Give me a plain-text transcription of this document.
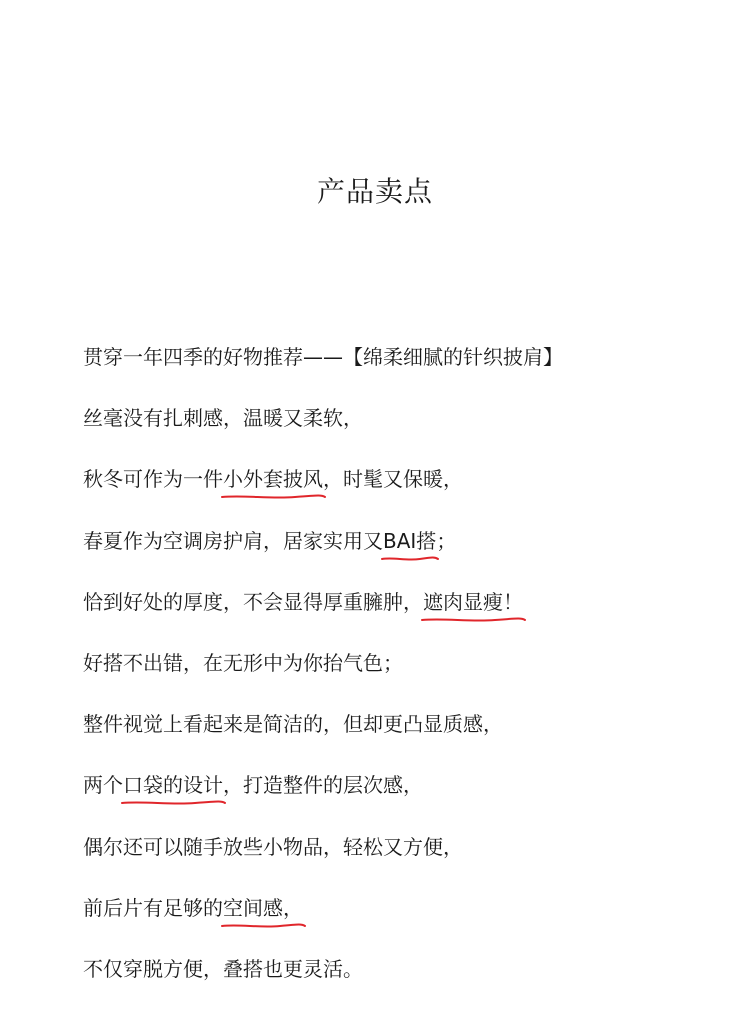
产品卖点
贯穿一年四季的好物推荐——【绵柔细腻的针织披肩】
丝毫没有扎刺感，温暖又柔软，
秋冬可作为一件小外套披风
，时髦又保暖，
春夏作为空调房护肩，居家实用又BAI搭
；
恰到好处的厚度，不会显得厚重臃肿，遮肉显瘦！
好搭不出错，在无形中为你抬气色；
整件视觉上看起来是简洁的，但却更凸显质感，
两个口袋的设计
，打造整件的层次感，
偶尔还可以随手放些小物品，轻松又方便，
前后片有足够的空间感，
不仅穿脱方便，叠搭也更灵活。
